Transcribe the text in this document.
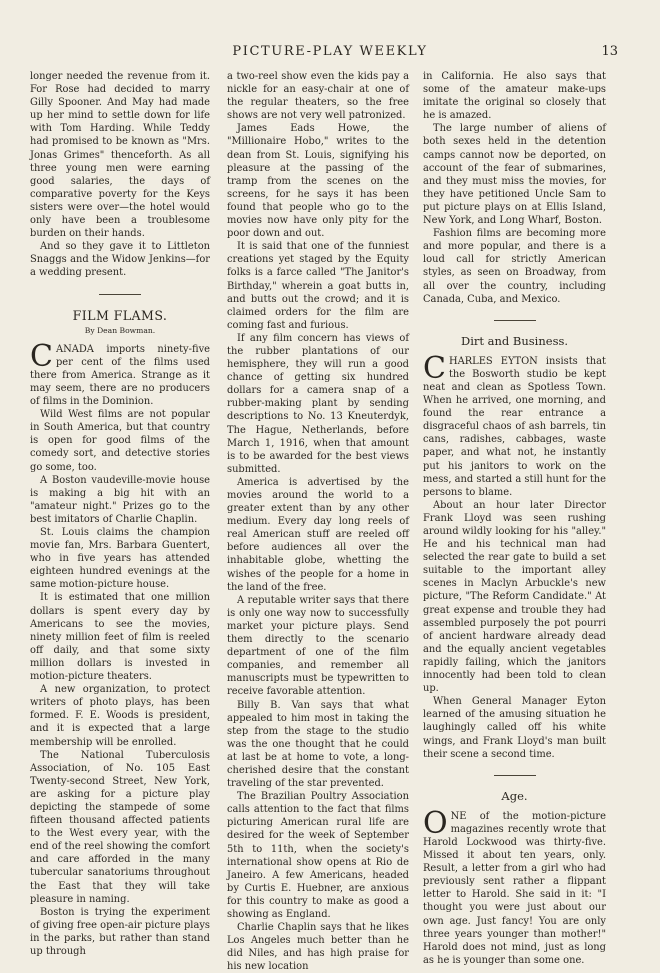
PICTURE-PLAY WEEKLY	13

longer needed the revenue from it. For Rose had decided to marry Gilly Spooner. And May had made up her mind to settle down for life with Tom Harding. While Teddy had promised to be known as "Mrs. Jonas Grimes" thenceforth. As all three young men were earning good salaries, the days of comparative poverty for the Keys sisters were over—the hotel would only have been a troublesome burden on their hands.

And so they gave it to Littleton Snaggs and the Widow Jenkins—for a wedding present.

FILM FLAMS.
By Dean Bowman.

CANADA imports ninety-five per cent of the films used there from America. Strange as it may seem, there are no producers of films in the Dominion.

Wild West films are not popular in South America, but that country is open for good films of the comedy sort, and detective stories go some, too.

A Boston vaudeville-movie house is making a big hit with an "amateur night." Prizes go to the best imitators of Charlie Chaplin.

St. Louis claims the champion movie fan, Mrs. Barbara Guentert, who in five years has attended eighteen hundred evenings at the same motion-picture house.

It is estimated that one million dollars is spent every day by Americans to see the movies, ninety million feet of film is reeled off daily, and that some sixty million dollars is invested in motion-picture theaters.

A new organization, to protect writers of photo plays, has been formed. F. E. Woods is president, and it is expected that a large membership will be enrolled.

The National Tuberculosis Association, of No. 105 East Twenty-second Street, New York, are asking for a picture play depicting the stampede of some fifteen thousand affected patients to the West every year, with the end of the reel showing the comfort and care afforded in the many tubercular sanatoriums throughout the East that they will take pleasure in naming.

Boston is trying the experiment of giving free open-air picture plays in the parks, but rather than stand up through

a two-reel show even the kids pay a nickle for an easy-chair at one of the regular theaters, so the free shows are not very well patronized.

James Eads Howe, the "Millionaire Hobo," writes to the dean from St. Louis, signifying his pleasure at the passing of the tramp from the scenes on the screens, for he says it has been found that people who go to the movies now have only pity for the poor down and out.

It is said that one of the funniest creations yet staged by the Equity folks is a farce called "The Janitor's Birthday," wherein a goat butts in, and butts out the crowd; and it is claimed orders for the film are coming fast and furious.

If any film concern has views of the rubber plantations of our hemisphere, they will run a good chance of getting six hundred dollars for a camera snap of a rubber-making plant by sending descriptions to No. 13 Kneuterdyk, The Hague, Netherlands, before March 1, 1916, when that amount is to be awarded for the best views submitted.

America is advertised by the movies around the world to a greater extent than by any other medium. Every day long reels of real American stuff are reeled off before audiences all over the inhabitable globe, whetting the wishes of the people for a home in the land of the free.

A reputable writer says that there is only one way now to successfully market your picture plays. Send them directly to the scenario department of one of the film companies, and remember all manuscripts must be typewritten to receive favorable attention.

Billy B. Van says that what appealed to him most in taking the step from the stage to the studio was the one thought that he could at last be at home to vote, a long-cherished desire that the constant traveling of the star prevented.

The Brazilian Poultry Association calls attention to the fact that films picturing American rural life are desired for the week of September 5th to 11th, when the society's international show opens at Rio de Janeiro. A few Americans, headed by Curtis E. Huebner, are anxious for this country to make as good a showing as England.

Charlie Chaplin says that he likes Los Angeles much better than he did Niles, and has high praise for his new location

in California. He also says that some of the amateur make-ups imitate the original so closely that he is amazed.

The large number of aliens of both sexes held in the detention camps cannot now be deported, on account of the fear of submarines, and they must miss the movies, for they have petitioned Uncle Sam to put picture plays on at Ellis Island, New York, and Long Wharf, Boston.

Fashion films are becoming more and more popular, and there is a loud call for strictly American styles, as seen on Broadway, from all over the country, including Canada, Cuba, and Mexico.

Dirt and Business.

CHARLES EYTON insists that the Bosworth studio be kept neat and clean as Spotless Town. When he arrived, one morning, and found the rear entrance a disgraceful chaos of ash barrels, tin cans, radishes, cabbages, waste paper, and what not, he instantly put his janitors to work on the mess, and started a still hunt for the persons to blame.

About an hour later Director Frank Lloyd was seen rushing around wildly looking for his "alley." He and his technical man had selected the rear gate to build a set suitable to the important alley scenes in Maclyn Arbuckle's new picture, "The Reform Candidate." At great expense and trouble they had assembled purposely the pot pourri of ancient hardware already dead and the equally ancient vegetables rapidly failing, which the janitors innocently had been told to clean up.

When General Manager Eyton learned of the amusing situation he laughingly called off his white wings, and Frank Lloyd's man built their scene a second time.

Age.

ONE of the motion-picture magazines recently wrote that Harold Lockwood was thirty-five. Missed it about ten years, only. Result, a letter from a girl who had previously sent rather a flippant letter to Harold. She said in it: "I thought you were just about our own age. Just fancy! You are only three years younger than mother!" Harold does not mind, just as long as he is younger than some one.
